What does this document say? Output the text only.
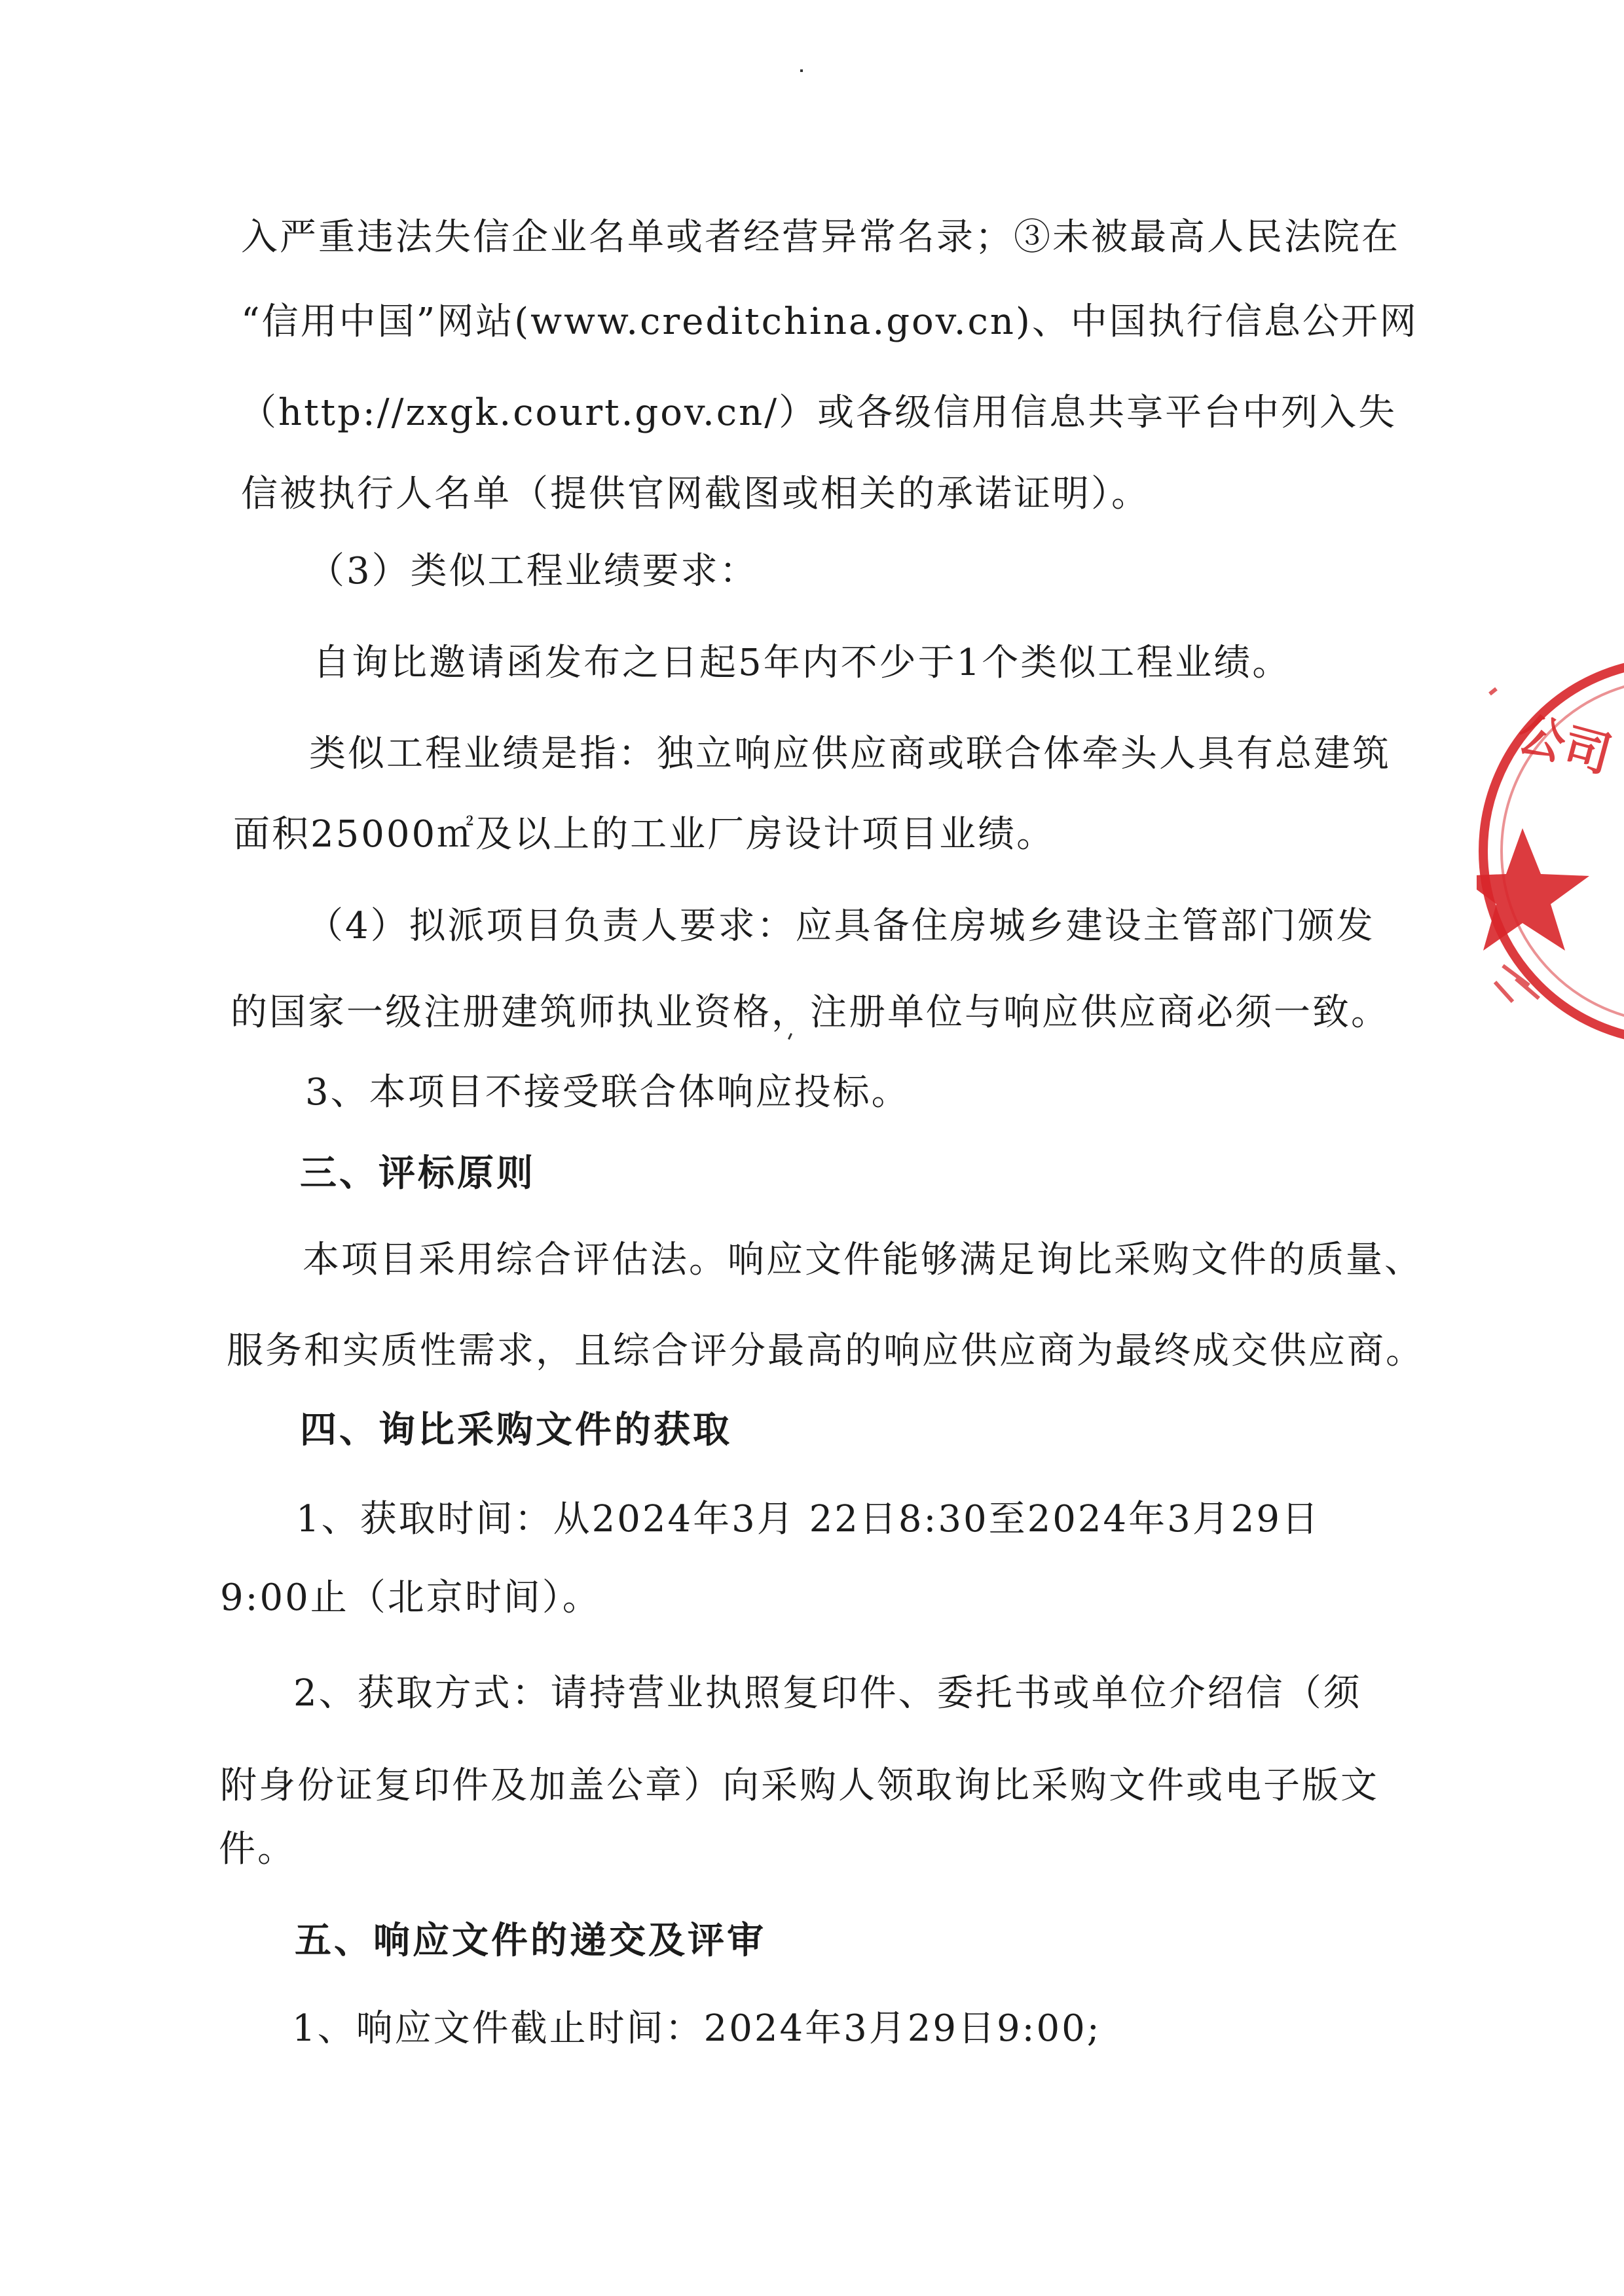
入严重违法失信企业名单或者经营异常名录；③未被最高人民法院在
“信用中国”网站(www.creditchina.gov.cn)、中国执行信息公开网
（http://zxgk.court.gov.cn/）或各级信用信息共享平台中列入失
信被执行人名单（提供官网截图或相关的承诺证明）。
（3）类似工程业绩要求：
自询比邀请函发布之日起5年内不少于1个类似工程业绩。
类似工程业绩是指：独立响应供应商或联合体牵头人具有总建筑
面积25000㎡及以上的工业厂房设计项目业绩。
（4）拟派项目负责人要求：应具备住房城乡建设主管部门颁发
的国家一级注册建筑师执业资格，注册单位与响应供应商必须一致。
3、本项目不接受联合体响应投标。
三、评标原则
本项目采用综合评估法。响应文件能够满足询比采购文件的质量、
服务和实质性需求，且综合评分最高的响应供应商为最终成交供应商。
四、询比采购文件的获取
1、获取时间：从2024年3月 22日8:30至2024年3月29日
9:00止（北京时间）。
2、获取方式：请持营业执照复印件、委托书或单位介绍信（须
附身份证复印件及加盖公章）向采购人领取询比采购文件或电子版文
件。
五、响应文件的递交及评审
1、响应文件截止时间：2024年3月29日9:00;
公司
